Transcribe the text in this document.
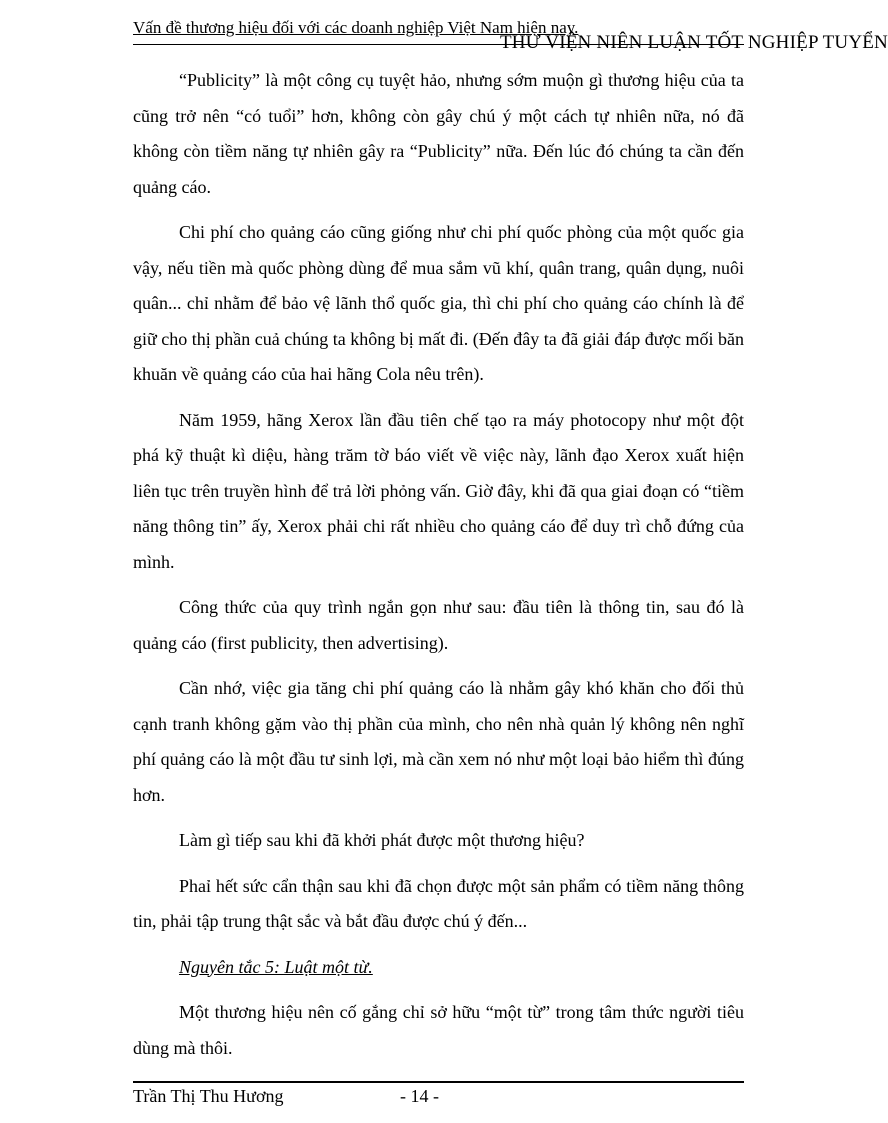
Vấn đề thương hiệu đối với các doanh nghiệp Việt Nam hiện nay.
THƯ VIỆN NIÊN LUẬN TỐT NGHIỆP TUYỂN

“Publicity” là một công cụ tuyệt hảo, nhưng sớm muộn gì thương hiệu của ta cũng trở nên “có tuổi” hơn, không còn gây chú ý một cách tự nhiên nữa, nó đã không còn tiềm năng tự nhiên gây ra “Publicity” nữa. Đến lúc đó chúng ta cần đến quảng cáo.

Chi phí cho quảng cáo cũng giống như chi phí quốc phòng của một quốc gia vậy, nếu tiền mà quốc phòng dùng để mua sắm vũ khí, quân trang, quân dụng, nuôi quân... chỉ nhằm để bảo vệ lãnh thổ quốc gia, thì chi phí cho quảng cáo chính là để giữ cho thị phần cuả chúng ta không bị mất đi. (Đến đây ta đã giải đáp được mối băn khuăn về quảng cáo của hai hãng Cola nêu trên).

Năm 1959, hãng Xerox lần đầu tiên chế tạo ra máy photocopy như một đột phá kỹ thuật kì diệu, hàng trăm tờ báo viết về việc này, lãnh đạo Xerox xuất hiện liên tục trên truyền hình để trả lời phỏng vấn. Giờ đây, khi đã qua giai đoạn có “tiềm năng thông tin” ấy, Xerox phải chi rất nhiều cho quảng cáo để duy trì chỗ đứng của mình.

Công thức của quy trình ngắn gọn như sau: đầu tiên là thông tin, sau đó là quảng cáo (first publicity, then advertising).

Cần nhớ, việc gia tăng chi phí quảng cáo là nhằm gây khó khăn cho đối thủ cạnh tranh không gặm vào thị phần của mình, cho nên nhà quản lý không nên nghĩ phí quảng cáo là một đầu tư sinh lợi, mà cần xem nó như một loại bảo hiểm thì đúng hơn.

Làm gì tiếp sau khi đã khởi phát được một thương hiệu?

Phaỉ hết sức cẩn thận sau khi đã chọn được một sản phẩm có tiềm năng thông tin, phải tập trung thật sắc và bắt đầu được chú ý đến...

Nguyên tắc 5: Luật một từ.

Một thương hiệu nên cố gắng chỉ sở hữu “một từ” trong tâm thức người tiêu dùng mà thôi.

Trần Thị Thu Hương	- 14 -
